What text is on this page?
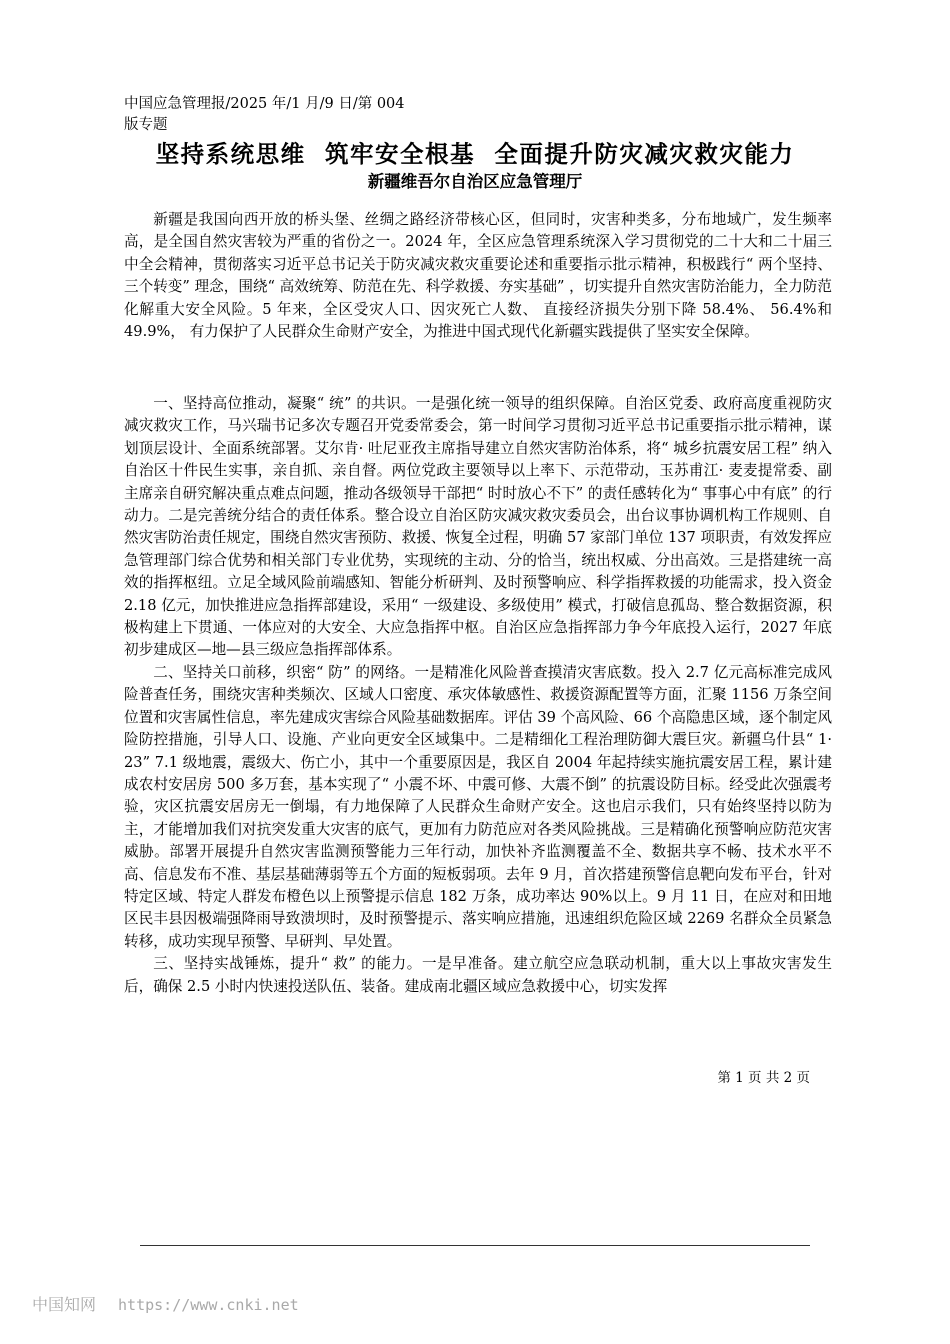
中国应急管理报/2025 年/1 月/9 日/第 004
版专题
坚持系统思维  筑牢安全根基  全面提升防灾减灾救灾能力
新疆维吾尔自治区应急管理厅

新疆是我国向西开放的桥头堡、丝绸之路经济带核心区，但同时，灾害种类多，分布地域广，发生频率高，是全国自然灾害较为严重的省份之一。2024 年，全区应急管理系统深入学习贯彻党的二十大和二十届三中全会精神，贯彻落实习近平总书记关于防灾减灾救灾重要论述和重要指示批示精神，积极践行“ 两个坚持、三个转变” 理念，围绕“ 高效统筹、防范在先、科学救援、夯实基础” ，切实提升自然灾害防治能力，全力防范化解重大安全风险。5 年来，全区受灾人口、因灾死亡人数、 直接经济损失分别下降 58.4%、 56.4%和 49.9%， 有力保护了人民群众生命财产安全，为推进中国式现代化新疆实践提供了坚实安全保障。

一、坚持高位推动，凝聚“ 统” 的共识。一是强化统一领导的组织保障。自治区党委、政府高度重视防灾减灾救灾工作，马兴瑞书记多次专题召开党委常委会，第一时间学习贯彻习近平总书记重要指示批示精神，谋划顶层设计、全面系统部署。艾尔肯· 吐尼亚孜主席指导建立自然灾害防治体系，将“ 城乡抗震安居工程” 纳入自治区十件民生实事，亲自抓、亲自督。两位党政主要领导以上率下、示范带动，玉苏甫江· 麦麦提常委、副主席亲自研究解决重点难点问题，推动各级领导干部把“ 时时放心不下” 的责任感转化为“ 事事心中有底” 的行动力。二是完善统分结合的责任体系。整合设立自治区防灾减灾救灾委员会，出台议事协调机构工作规则、自然灾害防治责任规定，围绕自然灾害预防、救援、恢复全过程，明确 57 家部门单位 137 项职责，有效发挥应急管理部门综合优势和相关部门专业优势，实现统的主动、分的恰当，统出权威、分出高效。三是搭建统一高效的指挥枢纽。立足全域风险前端感知、智能分析研判、及时预警响应、科学指挥救援的功能需求，投入资金 2.18 亿元，加快推进应急指挥部建设，采用“ 一级建设、多级使用” 模式，打破信息孤岛、整合数据资源，积极构建上下贯通、一体应对的大安全、大应急指挥中枢。自治区应急指挥部力争今年底投入运行，2027 年底初步建成区—地—县三级应急指挥部体系。

二、坚持关口前移，织密“ 防” 的网络。一是精准化风险普查摸清灾害底数。投入 2.7 亿元高标准完成风险普查任务，围绕灾害种类频次、区域人口密度、承灾体敏感性、救援资源配置等方面，汇聚 1156 万条空间位置和灾害属性信息，率先建成灾害综合风险基础数据库。评估 39 个高风险、66 个高隐患区域，逐个制定风险防控措施，引导人口、设施、产业向更安全区域集中。二是精细化工程治理防御大震巨灾。新疆乌什县“ 1· 23” 7.1 级地震，震级大、伤亡小，其中一个重要原因是，我区自 2004 年起持续实施抗震安居工程，累计建成农村安居房 500 多万套，基本实现了“ 小震不坏、中震可修、大震不倒” 的抗震设防目标。经受此次强震考验，灾区抗震安居房无一倒塌，有力地保障了人民群众生命财产安全。这也启示我们，只有始终坚持以防为主，才能增加我们对抗突发重大灾害的底气，更加有力防范应对各类风险挑战。三是精确化预警响应防范灾害威胁。部署开展提升自然灾害监测预警能力三年行动，加快补齐监测覆盖不全、数据共享不畅、技术水平不高、信息发布不准、基层基础薄弱等五个方面的短板弱项。去年 9 月，首次搭建预警信息靶向发布平台，针对特定区域、特定人群发布橙色以上预警提示信息 182 万条，成功率达 90%以上。9 月 11 日，在应对和田地区民丰县因极端强降雨导致溃坝时，及时预警提示、落实响应措施，迅速组织危险区域 2269 名群众全员紧急转移，成功实现早预警、早研判、早处置。

三、坚持实战锤炼，提升“ 救” 的能力。一是早准备。建立航空应急联动机制，重大以上事故灾害发生后，确保 2.5 小时内快速投送队伍、装备。建成南北疆区域应急救援中心，切实发挥

第 1 页 共 2 页
中国知网 https://www.cnki.net
